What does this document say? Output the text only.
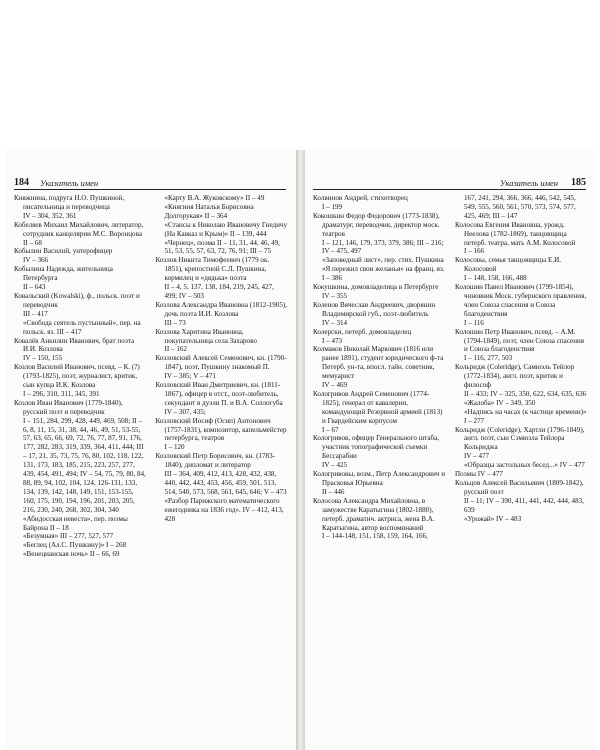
184 Указатель имен
Княжнина, подруга Н.О. Пушкиной, писательница и переводчица
IV – 304, 352, 361
Кобеляев Михаил Михайлович, литератор, сотрудник канцелярии М.С. Воронцова
II – 68
Кобылин Василий, унтерофицер
IV – 366
Кобылина Надежда, жительница Петербурга
II – 643
Ковальский (Kowalski), ф., польск. поэт и переводчик
III – 417
«Свобода сеятель пустынный», пер. на польск. яз. III – 417
Ковалёв Анкилин Иванович, брат поэта И.И. Козлова
IV – 150, 155
Козлов Василий Иванович, псевд. – К. (?) (1793-1825), поэт, журналист, критик, сын купца И.К. Козлова
I – 296, 310, 311, 345, 391
Козлов Иван Иванович (1779-1840), русский поэт и переводчик
I – 151, 284, 299, 428, 449, 469, 508; II – 6, 8, 11, 15, 31, 38, 44, 46, 49, 51, 53-55, 57, 63, 65, 66, 69, 72, 76, 77, 87, 91, 176, 177, 282, 283, 319, 339, 364, 411, 444; III – 17, 21, 35, 73, 75, 76, 80, 102, 118, 122, 131, 173, 183, 185, 215, 223, 257, 277, 439, 454, 491, 494; IV – 54, 75, 79, 80, 84, 88, 89, 94, 102, 104, 124, 126-131, 133, 134, 139, 142, 148, 149, 151, 153-155, 160, 175, 190, 194, 196, 201, 203, 205, 216, 230, 240, 268, 302, 304, 340
«Абидосская невеста», пер. поэмы Байрона II – 18
«Безумная» III – 277, 527, 577
«Беглец (Ал.С. Пушкину)» I – 268
«Венецианская ночь» II – 66, 69
«Карту В.А. Жуковскому» II – 49
«Княгиня Наталья Борисовна Долгорукая» II – 364
«Стансы к Николаю Ивановичу Гнедичу (На Кавказ и Крым)» II – 139, 444
«Чернец», поэма II – 11, 31, 44, 46, 49, 51, 53, 55, 57, 63, 72, 76, 91; III – 75
Козлов Никита Тимофеевич (1779 ок. 1851), крепостной С.Л. Пушкина, кормилец и «дядька» поэта
II – 4, 5, 137, 138, 184, 219, 245, 427, 499; IV – 503
Козлова Александра Ивановна (1812-1905), дочь поэта И.И. Козлова
III – 73
Козлова Харитина Ивановна, покупательница села Захарово
II – 162
Козловский Алексей Семенович, кн. (1790-1847), поэт, Пушкину знакомый П.
IV – 385; V – 471
Козловский Иван Дмитриевич, кн. (1811-1867), офицер в отст., поэт-любитель, секундант в дуэли П. и В.А. Соллогуба
IV – 307, 435;
Козловский Иосиф (Осип) Антонович (1757-1831), композитор, капельмейстер петербурга, театров
I – 120
Козловский Петр Борисович, кн. (1783-1840), дипломат и литератор
III – 364, 409, 412, 413, 428, 432, 438, 440, 442, 443, 453, 456, 459, 501, 513, 514, 540, 573, 568, 561, 645, 646; V – 473
«Разбор Парижского математического ежегодника на 1836 год». IV – 412, 413, 428
Указатель имен 185
Колвинов Андрей, стихотворец
I – 199
Кокошкин Федор Федорович (1773-1838), драматург, переводчик, директор моск. театров
I – 121, 146, 179, 373, 379, 386; III – 216; IV – 475, 497
«Заповедный лист», пер. стих. Пушкина «Я пережил свои желанья» на франц. яз. I – 386
Кокушкина, домовладелица в Петербурге
IV – 355
Коленов Вячеслав Андреевич, дворянин Владимирской губ., поэт-любитель
IV – 314
Колерски, петерб. домовладелец
I – 473
Колмаков Николай Маркович (1816 или ранее 1891), студент юридического ф-та Петерб. ун-та, впосл. тайн. советник, мемуарист
IV – 469
Кологривов Андрей Семенович (1774-1825), генерал от кавалерии, командующий Резервной армией (1813) и Гвардейским корпусом
I – 67
Кологривов, офицер Генерального штаба, участник топографической съемки Бессарабии
IV – 425
Кологривовы, возм., Петр Александрович и Прасковья Юрьевна
II – 446
Колосова Александра Михайловна, в замужестве Каратыгина (1802-1880), петерб. драматич. актриса, жена В.А. Каратыгина, автор воспоминаний
I – 144-148, 151, 158, 159, 164, 166,
167, 241, 294, 366, 366, 446, 542, 545, 549, 555, 560, 561, 570, 573, 574, 577, 425, 469; III – 147
Колосова Евгения Ивановна, урожд. Неелова (1782-1869), танцовщица петерб. театра, мать А.М. Колосовой
I – 166
Колосовы, семья танцовщицы Е.И. Колосовой
I – 148, 158, 166, 488
Колошин Павел Иванович (1799-1854), чиновник Моск. губернского правления, член Союза спасения и Союза благоденствия
I – 116
Колошин Петр Иванович, псевд. – А.М. (1794-1849), поэт, член Союза спасения и Союза благоденствия
I – 116, 277, 503
Кольридж (Coleridge), Самюэль Тейлор (1772-1834), англ. поэт, критик и философ
II – 433; IV – 325, 350, 622, 634, 635, 636
«Жалоба» IV – 349, 350
«Надпись на часах (к частице времени)» I – 277
Кольридж (Coleridge), Хартли (1796-1849), англ. поэт, сын Сэмюэла Тейлора Кольриджа
IV – 477
«Образцы застольных бесед...» IV – 477
Поэмы IV – 477
Кольцов Алексей Васильевич (1809-1842), русский поэт
II – 11; IV – 390, 411, 441, 442, 444, 483, 639
«Урожай» IV – 483
